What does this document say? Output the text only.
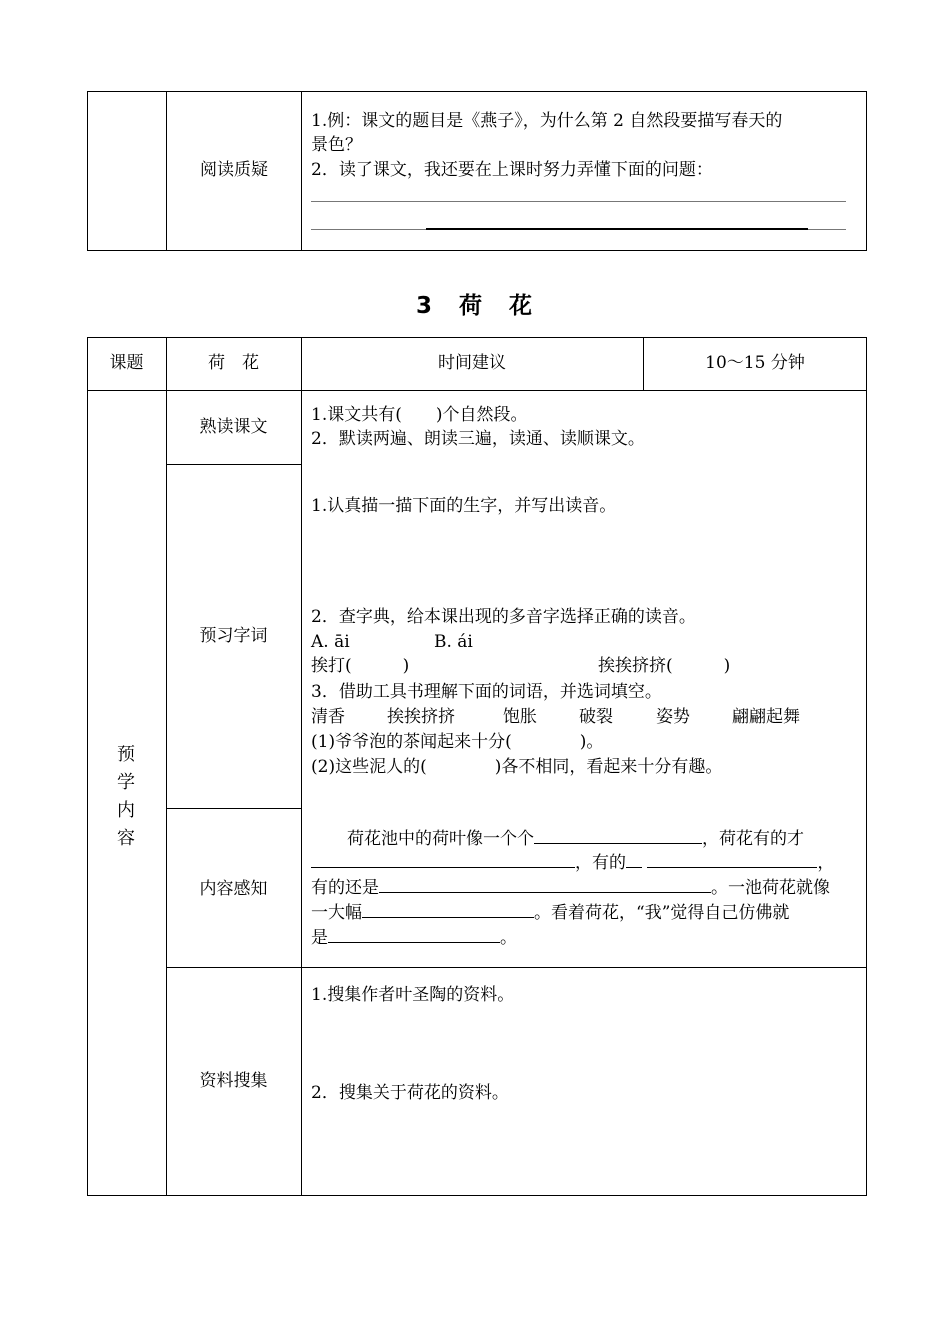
阅读质疑
1.例：课文的题目是《燕子》，为什么第 2 自然段要描写春天的
景色？
2．读了课文，我还要在上课时努力弄懂下面的问题：
3　荷　花
课题	荷　花	时间建议	10～15 分钟
预
学
内
容
熟读课文
1.课文共有(　　)个自然段。
2．默读两遍、朗读三遍，读通、读顺课文。
预习字词
1.认真描一描下面的生字，并写出读音。
2．查字典，给本课出现的多音字选择正确的读音。
A. āi	B. ái
挨打(　　　)	挨挨挤挤(　　　)
3．借助工具书理解下面的词语，并选词填空。
清香 挨挨挤挤	饱胀 破裂	姿势 翩翩起舞
(1)爷爷泡的茶闻起来十分(　　　　)。
(2)这些泥人的(　　　　)各不相同，看起来十分有趣。
内容感知
荷花池中的荷叶像一个个	，荷花有的才
，有的	，
有的还是	。一池荷花就像
一大幅	。看着荷花，“我”觉得自己仿佛就
是	。
资料搜集
1.搜集作者叶圣陶的资料。
2．搜集关于荷花的资料。
